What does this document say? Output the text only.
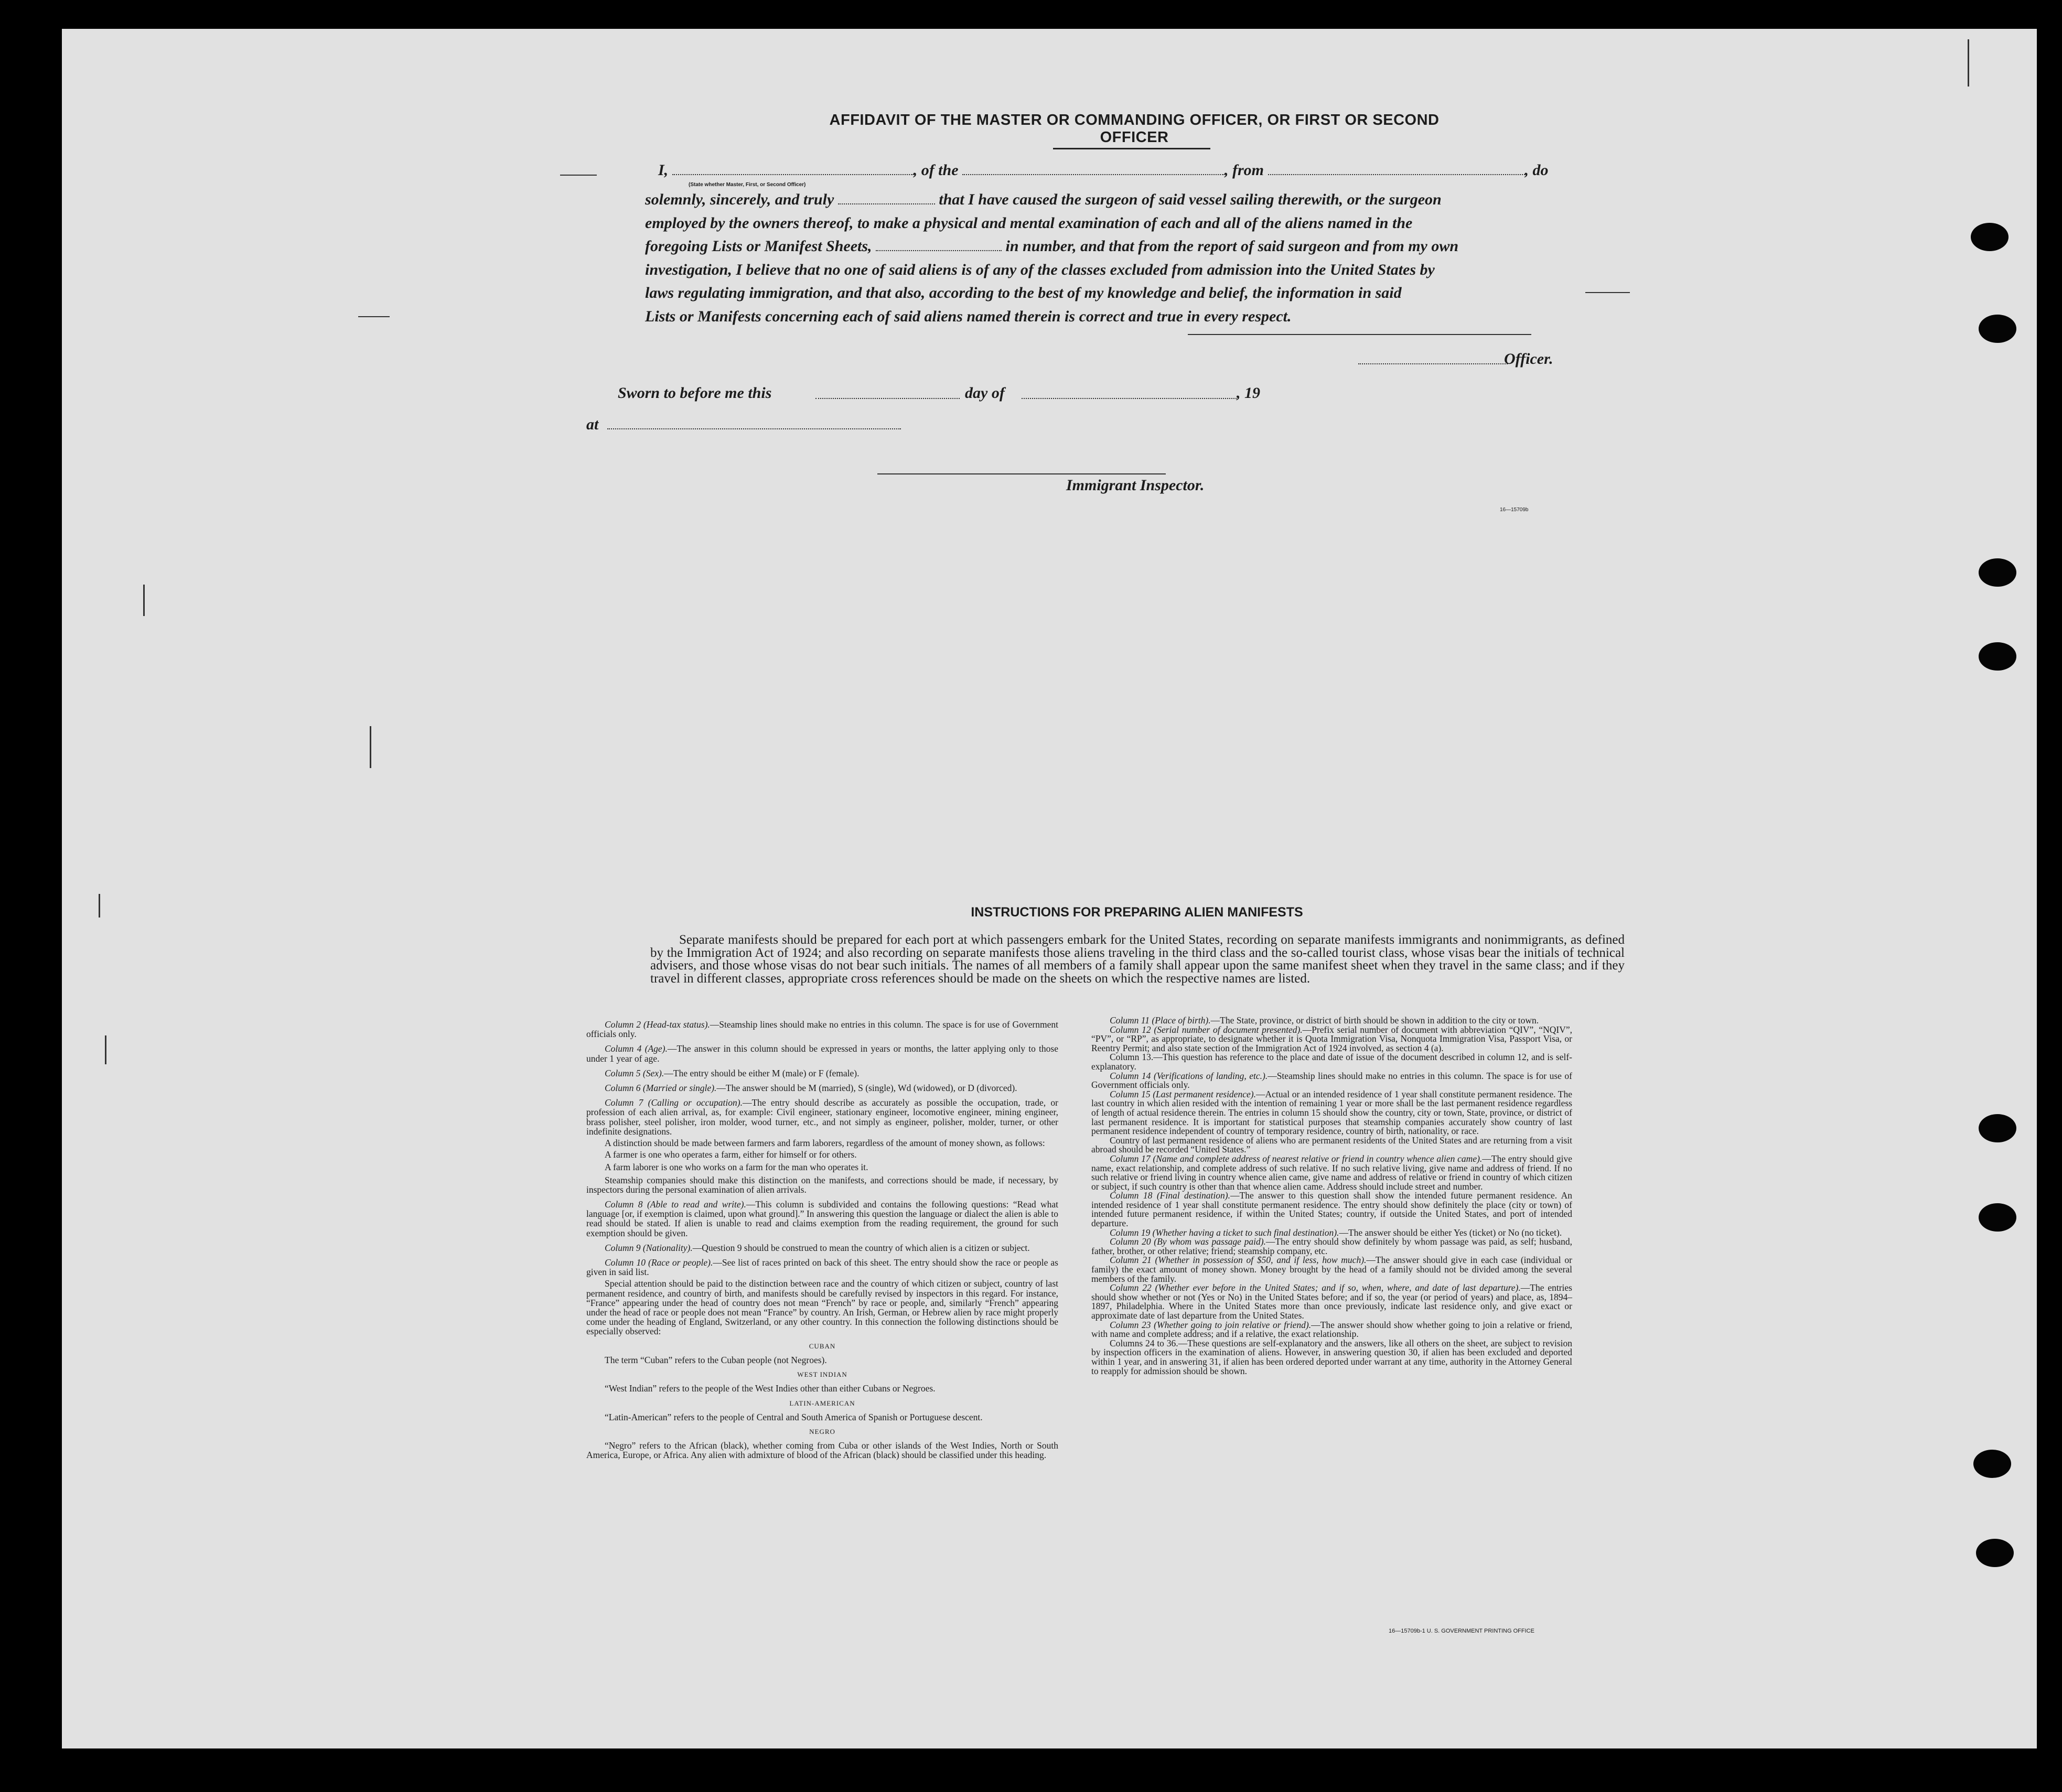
AFFIDAVIT OF THE MASTER OR COMMANDING OFFICER, OR FIRST OR SECOND OFFICER
I,	, of the	, from	, do
(State whether Master, First, or Second Officer)
solemnly, sincerely, and truly	that I have caused the surgeon of said vessel sailing therewith, or the surgeon
employed by the owners thereof, to make a physical and mental examination of each and all of the aliens named in the
foregoing Lists or Manifest Sheets,	in number, and that from the report of said surgeon and from my own
investigation, I believe that no one of said aliens is of any of the classes excluded from admission into the United States by
laws regulating immigration, and that also, according to the best of my knowledge and belief, the information in said
Lists or Manifests concerning each of said aliens named therein is correct and true in every respect.
Officer.
Sworn to before me this	day of	, 19
at
Immigrant Inspector.
16—15709b
INSTRUCTIONS FOR PREPARING ALIEN MANIFESTS
Separate manifests should be prepared for each port at which passengers embark for the United States, recording on separate manifests immigrants and nonimmigrants, as defined by the Immigration Act of 1924; and also recording on separate manifests those aliens traveling in the third class and the so-called tourist class, whose visas bear the initials of technical advisers, and those whose visas do not bear such initials. The names of all members of a family shall appear upon the same manifest sheet when they travel in the same class; and if they travel in different classes, appropriate cross references should be made on the sheets on which the respective names are listed.

Column 2 (Head-tax status).—Steamship lines should make no entries in this column. The space is for use of Government officials only.

Column 4 (Age).—The answer in this column should be expressed in years or months, the latter applying only to those under 1 year of age.

Column 5 (Sex).—The entry should be either M (male) or F (female).

Column 6 (Married or single).—The answer should be M (married), S (single), Wd (widowed), or D (divorced).

Column 7 (Calling or occupation).—The entry should describe as accurately as possible the occupation, trade, or profession of each alien arrival, as, for example: Civil engineer, stationary engineer, locomotive engineer, mining engineer, brass polisher, steel polisher, iron molder, wood turner, etc., and not simply as engineer, polisher, molder, turner, or other indefinite designations.

A distinction should be made between farmers and farm laborers, regardless of the amount of money shown, as follows:

A farmer is one who operates a farm, either for himself or for others.

A farm laborer is one who works on a farm for the man who operates it.

Steamship companies should make this distinction on the manifests, and corrections should be made, if necessary, by inspectors during the personal examination of alien arrivals.

Column 8 (Able to read and write).—This column is subdivided and contains the following questions: “Read what language [or, if exemption is claimed, upon what ground].” In answering this question the language or dialect the alien is able to read should be stated. If alien is unable to read and claims exemption from the reading requirement, the ground for such exemption should be given.

Column 9 (Nationality).—Question 9 should be construed to mean the country of which alien is a citizen or subject.

Column 10 (Race or people).—See list of races printed on back of this sheet. The entry should show the race or people as given in said list.

Special attention should be paid to the distinction between race and the country of which citizen or subject, country of last permanent residence, and country of birth, and manifests should be carefully revised by inspectors in this regard. For instance, “France” appearing under the head of country does not mean “French” by race or people, and, similarly “French” appearing under the head of race or people does not mean “France” by country. An Irish, German, or Hebrew alien by race might properly come under the heading of England, Switzerland, or any other country. In this connection the following distinctions should be especially observed:

CUBAN

The term “Cuban” refers to the Cuban people (not Negroes).

WEST INDIAN

“West Indian” refers to the people of the West Indies other than either Cubans or Negroes.

LATIN-AMERICAN

“Latin-American” refers to the people of Central and South America of Spanish or Portuguese descent.

NEGRO

“Negro” refers to the African (black), whether coming from Cuba or other islands of the West Indies, North or South America, Europe, or Africa. Any alien with admixture of blood of the African (black) should be classified under this heading.

Column 11 (Place of birth).—The State, province, or district of birth should be shown in addition to the city or town.

Column 12 (Serial number of document presented).—Prefix serial number of document with abbreviation “QIV”, “NQIV”, “PV”, or “RP”, as appropriate, to designate whether it is Quota Immigration Visa, Nonquota Immigration Visa, Passport Visa, or Reentry Permit; and also state section of the Immigration Act of 1924 involved, as section 4 (a).

Column 13.—This question has reference to the place and date of issue of the document described in column 12, and is self-explanatory.

Column 14 (Verifications of landing, etc.).—Steamship lines should make no entries in this column. The space is for use of Government officials only.

Column 15 (Last permanent residence).—Actual or an intended residence of 1 year shall constitute permanent residence. The last country in which alien resided with the intention of remaining 1 year or more shall be the last permanent residence regardless of length of actual residence therein. The entries in column 15 should show the country, city or town, State, province, or district of last permanent residence. It is important for statistical purposes that steamship companies accurately show country of last permanent residence independent of country of temporary residence, country of birth, nationality, or race.

Country of last permanent residence of aliens who are permanent residents of the United States and are returning from a visit abroad should be recorded “United States.”

Column 17 (Name and complete address of nearest relative or friend in country whence alien came).—The entry should give name, exact relationship, and complete address of such relative. If no such relative living, give name and address of friend. If no such relative or friend living in country whence alien came, give name and address of relative or friend in country of which citizen or subject, if such country is other than that whence alien came. Address should include street and number.

Column 18 (Final destination).—The answer to this question shall show the intended future permanent residence. An intended residence of 1 year shall constitute permanent residence. The entry should show definitely the place (city or town) of intended future permanent residence, if within the United States; country, if outside the United States, and port of intended departure.

Column 19 (Whether having a ticket to such final destination).—The answer should be either Yes (ticket) or No (no ticket).

Column 20 (By whom was passage paid).—The entry should show definitely by whom passage was paid, as self; husband, father, brother, or other relative; friend; steamship company, etc.

Column 21 (Whether in possession of $50, and if less, how much).—The answer should give in each case (individual or family) the exact amount of money shown. Money brought by the head of a family should not be divided among the several members of the family.

Column 22 (Whether ever before in the United States; and if so, when, where, and date of last departure).—The entries should show whether or not (Yes or No) in the United States before; and if so, the year (or period of years) and place, as, 1894–1897, Philadelphia. Where in the United States more than once previously, indicate last residence only, and give exact or approximate date of last departure from the United States.

Column 23 (Whether going to join relative or friend).—The answer should show whether going to join a relative or friend, with name and complete address; and if a relative, the exact relationship.

Columns 24 to 36.—These questions are self-explanatory and the answers, like all others on the sheet, are subject to revision by inspection officers in the examination of aliens. However, in answering question 30, if alien has been excluded and deported within 1 year, and in answering 31, if alien has been ordered deported under warrant at any time, authority in the Attorney General to reapply for admission should be shown.

16—15709b-1 U. S. GOVERNMENT PRINTING OFFICE
